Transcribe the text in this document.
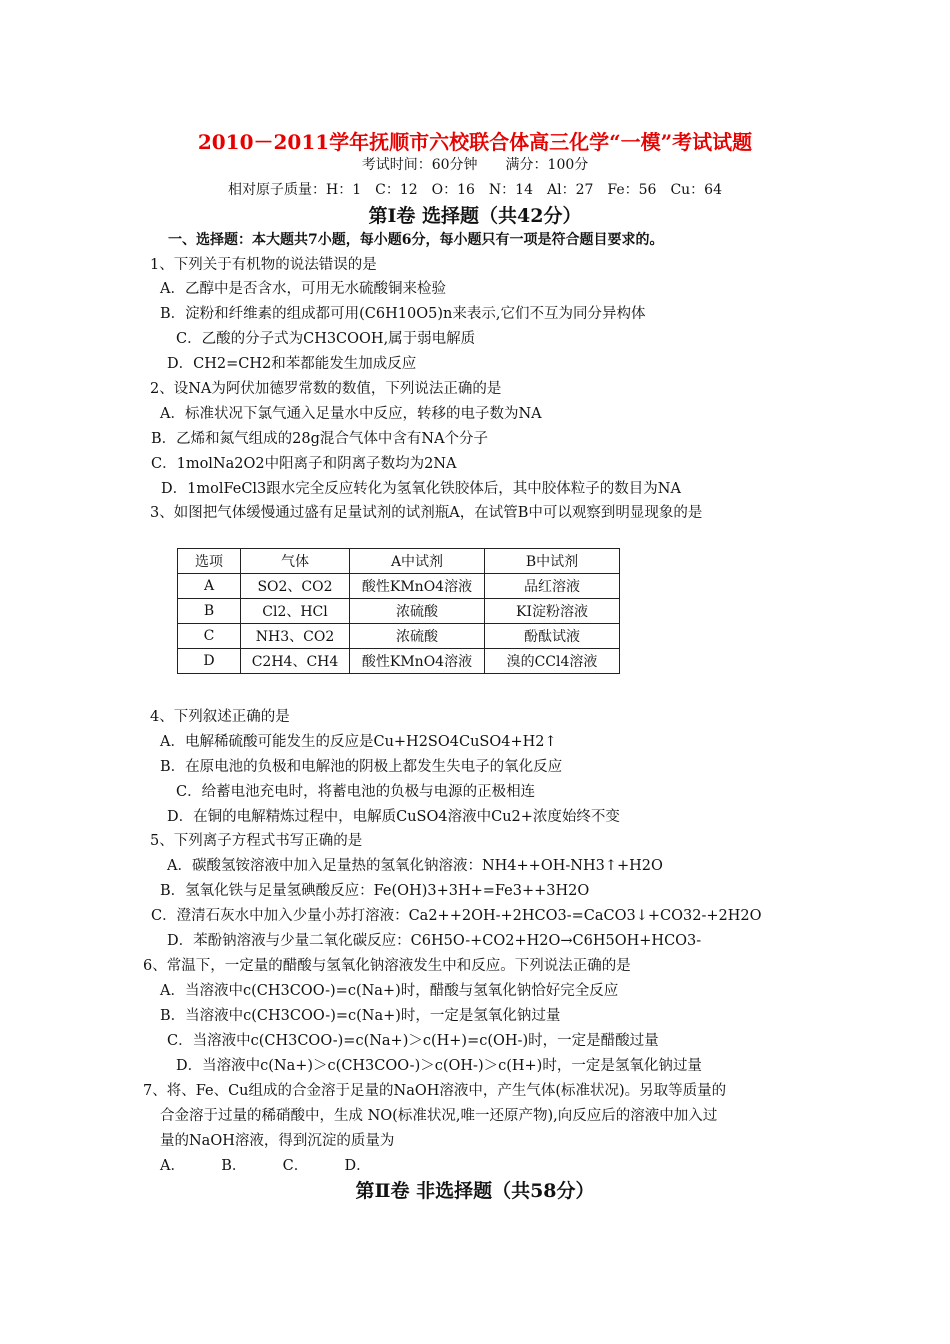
2010－2011学年抚顺市六校联合体高三化学“一模”考试试题
考试时间：60分钟　　满分：100分
相对原子质量：H：1　C：12　O：16　N：14　Al：27　Fe：56　Cu：64
第Ⅰ卷 选择题（共42分）
一、选择题：本大题共7小题，每小题6分，每小题只有一项是符合题目要求的。
1、下列关于有机物的说法错误的是
A．乙醇中是否含水，可用无水硫酸铜来检验
B．淀粉和纤维素的组成都可用(C6H10O5)n来表示,它们不互为同分异构体
C．乙酸的分子式为CH3COOH,属于弱电解质
D．CH2=CH2和苯都能发生加成反应
2、设NA为阿伏加德罗常数的数值，下列说法正确的是
A．标准状况下氯气通入足量水中反应，转移的电子数为NA
B．乙烯和氮气组成的28g混合气体中含有NA个分子
C．1molNa2O2中阳离子和阴离子数均为2NA
D．1molFeCl3跟水完全反应转化为氢氧化铁胶体后，其中胶体粒子的数目为NA
3、如图把气体缓慢通过盛有足量试剂的试剂瓶A，在试管B中可以观察到明显现象的是
选项	气体	A中试剂	B中试剂
A	SO2、CO2	酸性KMnO4溶液	品红溶液
B	Cl2、HCl	浓硫酸	KI淀粉溶液
C	NH3、CO2	浓硫酸	酚酞试液
D	C2H4、CH4	酸性KMnO4溶液	溴的CCl4溶液
4、下列叙述正确的是
A．电解稀硫酸可能发生的反应是Cu+H2SO4CuSO4+H2↑
B．在原电池的负极和电解池的阴极上都发生失电子的氧化反应
C．给蓄电池充电时，将蓄电池的负极与电源的正极相连
D．在铜的电解精炼过程中，电解质CuSO4溶液中Cu2+浓度始终不变
5、下列离子方程式书写正确的是
A．碳酸氢铵溶液中加入足量热的氢氧化钠溶液：NH4++OH-NH3↑+H2O
B．氢氧化铁与足量氢碘酸反应：Fe(OH)3+3H+=Fe3++3H2O
C．澄清石灰水中加入少量小苏打溶液：Ca2++2OH-+2HCO3-=CaCO3↓+CO32-+2H2O
D．苯酚钠溶液与少量二氧化碳反应：C6H5O-+CO2+H2O→C6H5OH+HCO3-
6、常温下，一定量的醋酸与氢氧化钠溶液发生中和反应。下列说法正确的是
A．当溶液中c(CH3COO-)=c(Na+)时，醋酸与氢氧化钠恰好完全反应
B．当溶液中c(CH3COO-)=c(Na+)时，一定是氢氧化钠过量
C．当溶液中c(CH3COO-)=c(Na+)＞c(H+)=c(OH-)时，一定是醋酸过量
D．当溶液中c(Na+)＞c(CH3COO-)＞c(OH-)＞c(H+)时，一定是氢氧化钠过量
7、将、Fe、Cu组成的合金溶于足量的NaOH溶液中，产生气体(标准状况)。另取等质量的
合金溶于过量的稀硝酸中，生成 NO(标准状况,唯一还原产物),向反应后的溶液中加入过
量的NaOH溶液，得到沉淀的质量为
A．　　　B．　　　C．　　　D．
第Ⅱ卷 非选择题（共58分）
